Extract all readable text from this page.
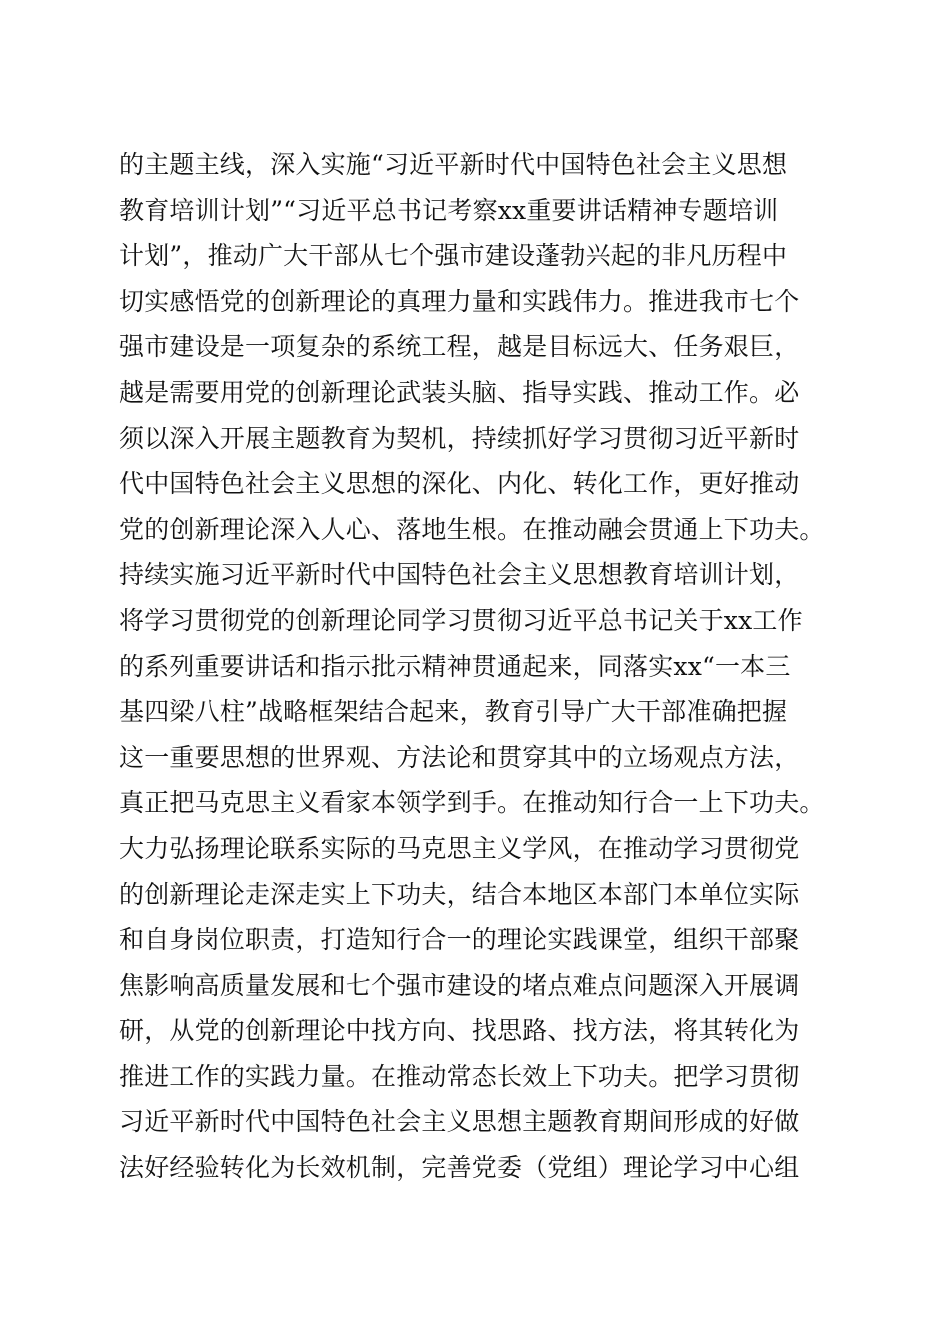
的主题主线，深入实施“习近平新时代中国特色社会主义思想
教育培训计划”“习近平总书记考察xx重要讲话精神专题培训
计划”，推动广大干部从七个强市建设蓬勃兴起的非凡历程中
切实感悟党的创新理论的真理力量和实践伟力。推进我市七个
强市建设是一项复杂的系统工程，越是目标远大、任务艰巨，
越是需要用党的创新理论武装头脑、指导实践、推动工作。必
须以深入开展主题教育为契机，持续抓好学习贯彻习近平新时
代中国特色社会主义思想的深化、内化、转化工作，更好推动
党的创新理论深入人心、落地生根。在推动融会贯通上下功夫。
持续实施习近平新时代中国特色社会主义思想教育培训计划，
将学习贯彻党的创新理论同学习贯彻习近平总书记关于xx工作
的系列重要讲话和指示批示精神贯通起来，同落实xx“一本三
基四梁八柱”战略框架结合起来，教育引导广大干部准确把握
这一重要思想的世界观、方法论和贯穿其中的立场观点方法，
真正把马克思主义看家本领学到手。在推动知行合一上下功夫。
大力弘扬理论联系实际的马克思主义学风，在推动学习贯彻党
的创新理论走深走实上下功夫，结合本地区本部门本单位实际
和自身岗位职责，打造知行合一的理论实践课堂，组织干部聚
焦影响高质量发展和七个强市建设的堵点难点问题深入开展调
研，从党的创新理论中找方向、找思路、找方法，将其转化为
推进工作的实践力量。在推动常态长效上下功夫。把学习贯彻
习近平新时代中国特色社会主义思想主题教育期间形成的好做
法好经验转化为长效机制，完善党委（党组）理论学习中心组
